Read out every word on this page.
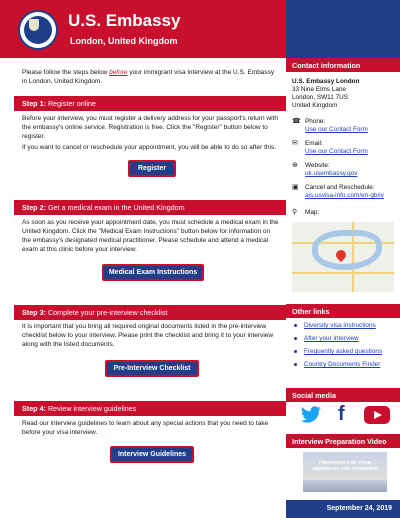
U.S. Embassy
London, United Kingdom
Please follow the steps below before your immigrant visa interview at the U.S. Embassy in London, United Kingdom.
Step 1: Register online
Before your interview, you must register a delivery address for your passport's return with the embassy's online service. Registration is free. Click the "Register" button below to register.
If you want to cancel or reschedule your appointment, you will be able to do so after this.
Register
Step 2: Get a medical exam in the United Kingdom
As soon as you receive your appointment date, you must schedule a medical exam in the United Kingdom. Click the "Medical Exam Instructions" button below for information on the embassy's designated medical practitioner. Please schedule and attend a medical exam at this clinic before your interview.
Medical Exam Instructions
Step 3: Complete your pre-interview checklist
It is important that you bring all required original documents listed in the pre-interview checklist below to your interview. Please print the checklist and bring it to your interview along with the listed documents.
Pre-Interview Checklist
Step 4: Review interview guidelines
Read our interview guidelines to learn about any special actions that you need to take before your visa interview.
Interview Guidelines
Contact information
U.S. Embassy London
33 Nine Elms Lane
London, SW11 7US
United Kingdom
☎ Phone:
Use our Contact Form
✉	Email:
Use our Contact Form
⊕	Website:
uk.usembassy.gov
▣ Cancel and Reschedule:
ais.usvisa-info.com/en-gb/iv
⚲	Map:
Other links
Diversity visa instructions
After your interview
Frequently asked questions
Country Documents Finder
Social media
f
Interview Preparation Video
PREPARING FOR YOUR IMMIGRANT VISA INTERVIEW
September 24, 2019
